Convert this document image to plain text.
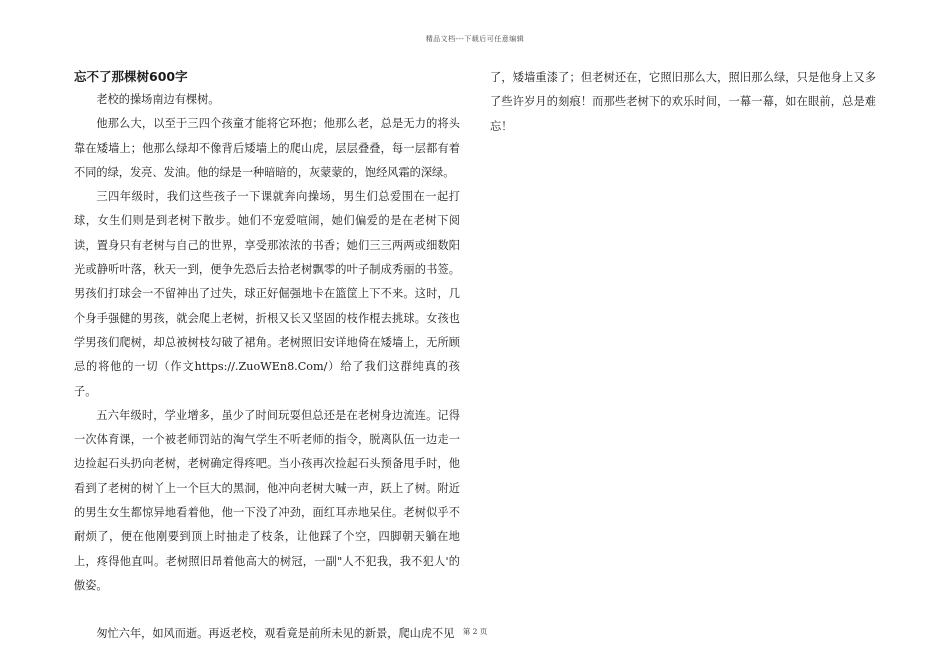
精品文档---下载后可任意编辑
忘不了那棵树600字

老校的操场南边有棵树。

他那么大，以至于三四个孩童才能将它环抱；他那么老，总是无力的将头靠在矮墙上；他那么绿却不像背后矮墙上的爬山虎，层层叠叠，每一层都有着不同的绿，发亮、发油。他的绿是一种暗暗的，灰蒙蒙的，饱经风霜的深绿。

三四年级时，我们这些孩子一下课就奔向操场，男生们总爱围在一起打球，女生们则是到老树下散步。她们不宠爱喧闹，她们偏爱的是在老树下阅读，置身只有老树与自己的世界，享受那浓浓的书香；她们三三两两或细数阳光或静听叶落，秋天一到，便争先恐后去拾老树飘零的叶子制成秀丽的书签。男孩们打球会一不留神出了过失，球正好倔强地卡在篮筐上下不来。这时，几个身手强健的男孩，就会爬上老树，折根又长又坚固的枝作棍去挑球。女孩也学男孩们爬树，却总被树枝勾破了裙角。老树照旧安详地倚在矮墙上，无所顾忌的将他的一切（作文https://.ZuoWEn8.Com/）给了我们这群纯真的孩子。

五六年级时，学业增多，虽少了时间玩耍但总还是在老树身边流连。记得一次体育课，一个被老师罚站的淘气学生不听老师的指令，脱离队伍一边走一边捡起石头扔向老树，老树确定得疼吧。当小孩再次捡起石头预备甩手时，他看到了老树的树丫上一个巨大的黑洞，他冲向老树大喊一声，跃上了树。附近的男生女生都惊异地看着他，他一下没了冲劲，面红耳赤地呆住。老树似乎不耐烦了，便在他刚要到顶上时抽走了枝条，让他踩了个空，四脚朝天躺在地上，疼得他直叫。老树照旧昂着他高大的树冠，一副"人不犯我，我不犯人'的傲姿。

匆忙六年，如风而逝。再返老校，观看竟是前所未见的新景，爬山虎不见

了，矮墙重漆了；但老树还在，它照旧那么大，照旧那么绿，只是他身上又多了些许岁月的刻痕！而那些老树下的欢乐时间，一幕一幕，如在眼前，总是难忘！

第 2 页
